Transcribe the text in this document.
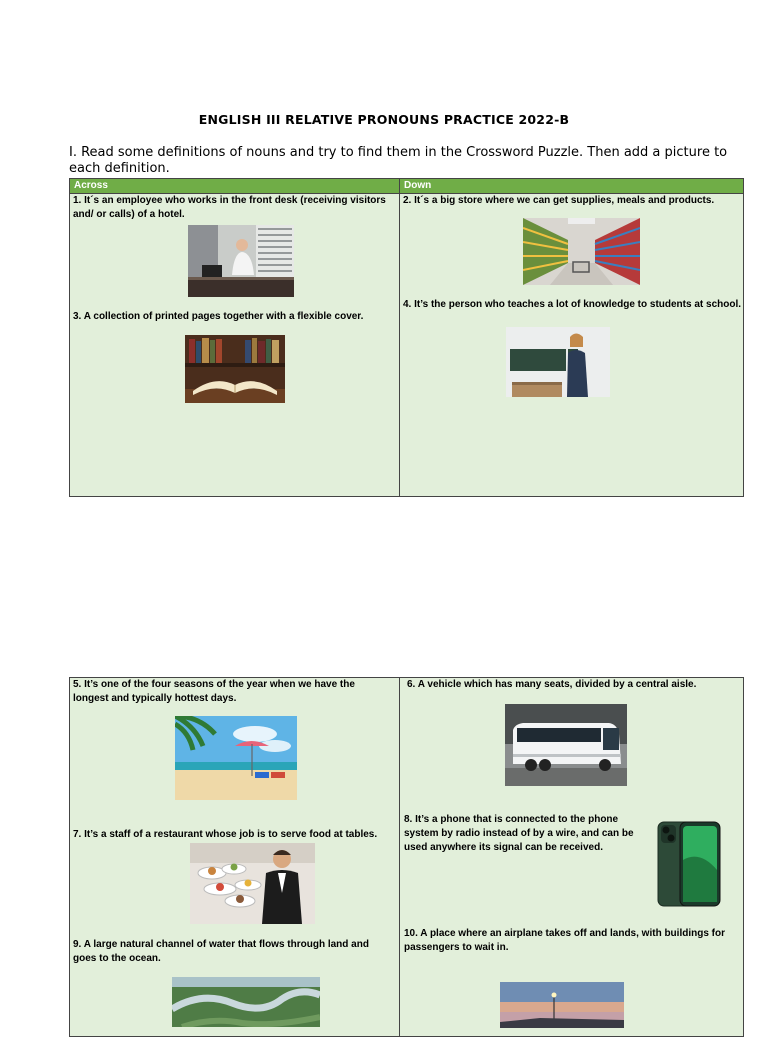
ENGLISH III RELATIVE PRONOUNS PRACTICE 2022-B
I. Read some definitions of nouns and try to find them in the Crossword Puzzle. Then add a picture to each definition.
Across	Down
1. It´s an employee who works in the front desk (receiving visitors and/ or calls) of a hotel.
3. A collection of printed pages together with a flexible cover.
2. It´s a big store where we can get supplies, meals and products.
4. It’s the person who teaches a lot of knowledge to students at school.
5. It’s one of the four seasons of the year when we have the longest and typically hottest days.
7. It’s a staff of a restaurant whose job is to serve food at tables.
9. A large natural channel of water that flows through land and goes to the ocean.
6. A vehicle which has many seats, divided by a central aisle.
8. It’s a phone that is connected to the phone system by radio instead of by a wire, and can be used anywhere its signal can be received.
10. A place where an airplane takes off and lands, with buildings for passengers to wait in.
